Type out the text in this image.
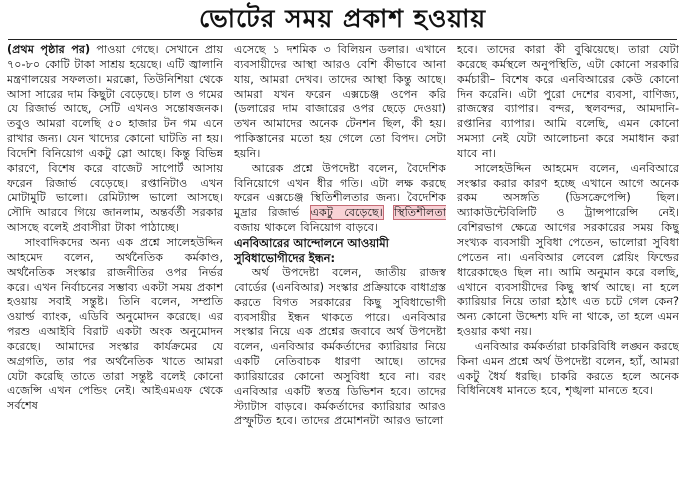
ভোটের সময় প্রকাশ হওয়ায়

(প্রথম পৃষ্ঠার পর) পাওয়া গেছে। সেখানে প্রায় ৭০-৮০ কোটি টাকা সাশ্রয় হয়েছে। এটি জ্বালানি মন্ত্রণালয়ের সফলতা। মরক্কো, তিউনিশিয়া থেকে আসা সারের দাম কিছুটা বেড়েছে। চাল ও গমের যে রিজার্ভ আছে, সেটি এখনও সন্তোষজনক। তবুও আমরা বলেছি ৫০ হাজার টন গম এনে রাখার জন্য। যেন খাদ্যের কোনো ঘাটতি না হয়। বিদেশি বিনিয়োগ একটু স্লো আছে। কিন্তু বিভিন্ন কারণে, বিশেষ করে বাজেট সাপোর্ট আসায় ফরেন রিজার্ভ বেড়েছে। রপ্তানিটাও এখন মোটামুটি ভালো। রেমিট্যান্স ভালো আসছে। সৌদি আরবে গিয়ে জানলাম, অন্তর্বর্তী সরকার আসছে বলেই প্রবাসীরা টাকা পাঠাচ্ছে।

সাংবাদিকদের অন্য এক প্রশ্নে সালেহউদ্দিন আহমেদ বলেন, অর্থনৈতিক কর্মকাণ্ড, অর্থনৈতিক সংস্কার রাজনীতির ওপর নির্ভর করে। এখন নির্বাচনের সম্ভাব্য একটা সময় প্রকাশ হওয়ায় সবাই সন্তুষ্ট। তিনি বলেন, সম্প্রতি ওয়ার্ল্ড ব্যাংক, এডিবি অনুমোদন করেছে। এর পরশু এআইবি বিরাট একটা অংক অনুমোদন করেছে। আমাদের সংস্কার কার্যক্রমের যে অগ্রগতি, তার পর অর্থনৈতিক খাতে আমরা যেটা করেছি তাতে তারা সন্তুষ্ট বলেই কোনো এজেন্সি এখন পেন্ডিং নেই। আইএমএফ থেকে সর্বশেষ

এসেছে ১ দশমিক ৩ বিলিয়ন ডলার। এখানে ব্যবসায়ীদের আস্থা আরও বেশি কীভাবে আনা যায়, আমরা দেখব। তাদের আস্থা কিন্তু আছে। আমরা যখন ফরেন এক্সচেঞ্জ ওপেন করি (ডলারের দাম বাজারের ওপর ছেড়ে দেওয়া) তখন আমাদের অনেক টেনশন ছিল, কী হয়। পাকিস্তানের মতো হয় গেলে তো বিপদ। সেটা হয়নি।

আরেক প্রশ্নে উপদেষ্টা বলেন, বৈদেশিক বিনিয়োগে এখন ধীর গতি। এটা লক্ষ করছে ফরেন এক্সচেঞ্জ স্থিতিশীলতার জন্য। বৈদেশিক মুদ্রার রিজার্ভ একটু বেড়েছে। স্থিতিশীলতা বজায় থাকলে বিনিয়োগ বাড়বে।

এনবিআরের আন্দোলনে আওয়ামী
সুবিধাভোগীদের ইন্ধন:

অর্থ উপদেষ্টা বলেন, জাতীয় রাজস্ব বোর্ডের (এনবিআর) সংস্কার প্রক্রিয়াকে বাধাগ্রস্ত করতে বিগত সরকারের কিছু সুবিধাভোগী ব্যবসায়ীর ইন্ধন থাকতে পারে। এনবিআর সংস্কার নিয়ে এক প্রশ্নের জবাবে অর্থ উপদেষ্টা বলেন, এনবিআর কর্মকর্তাদের ক্যারিয়ার নিয়ে একটি নেতিবাচক ধারণা আছে। তাদের ক্যারিয়ারের কোনো অসুবিধা হবে না। বরং এনবিআর একটি স্বতন্ত্র ডিভিশন হবে। তাদের স্ট্যাটাস বাড়বে। কর্মকর্তাদের ক্যারিয়ার আরও প্রস্ফুটিত হবে। তাদের প্রমোশনটা আরও ভালো

হবে। তাদের কারা কী বুঝিয়েছে। তারা যেটা করেছে কর্মস্থলে অনুপস্থিতি, এটা কোনো সরকারি কর্মচারী– বিশেষ করে এনবিআরের কেউ কোনো দিন করেনি। এটা পুরো দেশের ব্যবসা, বাণিজ্য, রাজস্বের ব্যাপার। বন্দর, স্থলবন্দর, আমদানি-রপ্তানির ব্যাপার। আমি বলেছি, এমন কোনো সমস্যা নেই যেটা আলোচনা করে সমাধান করা যাবে না।

সালেহউদ্দিন আহমেদ বলেন, এনবিআরে সংস্কার করার কারণ হচ্ছে এখানে আগে অনেক রকম অসঙ্গতি (ডিসক্রেপেন্সি) ছিল। অ্যাকাউন্টেবিলিটি ও ট্রান্সপারেন্সি নেই। বেশিরভাগ ক্ষেত্রে আগের সরকারের সময় কিছু সংখ্যক ব্যবসায়ী সুবিধা পেতেন, ভালোরা সুবিধা পেতেন না। এনবিআর লেবেল প্লেয়িং ফিল্ডের ধারেকাছেও ছিল না। আমি অনুমান করে বলছি, এখানে ব্যবসায়ীদের কিছু স্বার্থ আছে। না হলে ক্যারিয়ার নিয়ে তারা হঠাৎ এত চটে গেল কেন? অন্য কোনো উদ্দেশ্য যদি না থাকে, তা হলে এমন হওয়ার কথা নয়।

এনবিআর কর্মকর্তারা চাকরিবিধি লঙ্ঘন করছে কিনা এমন প্রশ্নে অর্থ উপদেষ্টা বলেন, হ্যাঁ, আমরা একটু ধৈর্য ধরছি। চাকরি করতে হলে অনেক বিধিনিষেধ মানতে হবে, শৃঙ্খলা মানতে হবে।
